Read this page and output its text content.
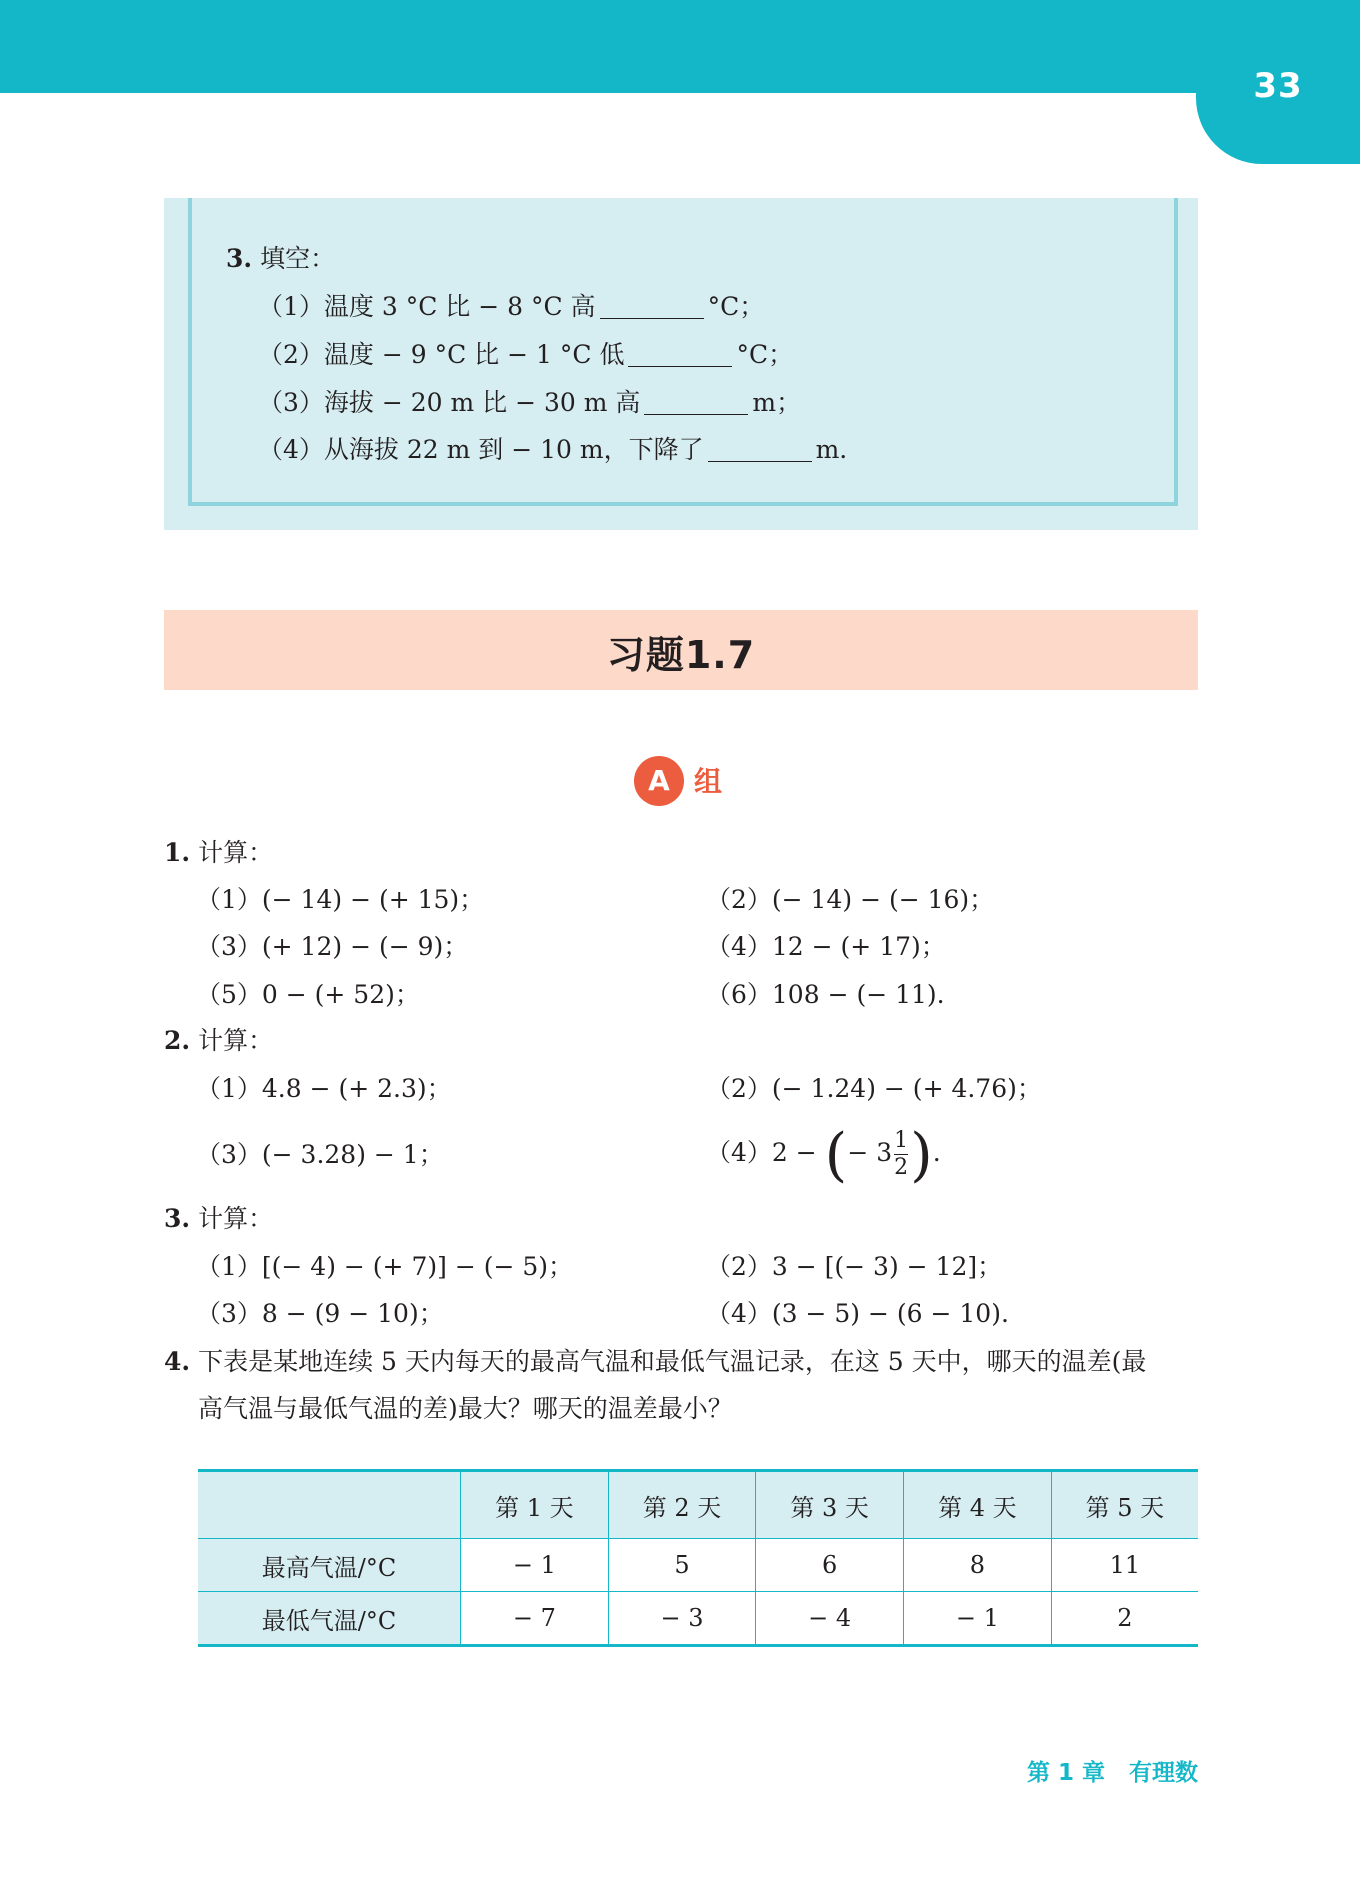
33
3. 填空：
（1）温度 3 °C 比 − 8 °C 高	°C；
（2）温度 − 9 °C 比 − 1 °C 低	°C；
（3）海拔 − 20 m 比 − 30 m 高	m；
（4）从海拔 22 m 到 − 10 m，下降了	m.
习题1.7
A 组
1. 计算：
（1）(− 14) − (+ 15)；	（2）(− 14) − (− 16)；
（3）(+ 12) − (− 9)；	（4）12 − (+ 17)；
（5）0 − (+ 52)；	（6）108 − (− 11).
2. 计算：
（1）4.8 − (+ 2.3)；	（2）(− 1.24) − (+ 4.76)；
（3）(− 3.28) − 1；	（4）2 − (− $3 \frac{1}{2}$ ).
3. 计算：
（1）[(− 4) − (+ 7)] − (− 5)；	（2）3 − [(− 3) − 12]；
（3）8 − (9 − 10)；	（4）(3 − 5) − (6 − 10).
4. 下表是某地连续 5 天内每天的最高气温和最低气温记录，在这 5 天中，哪天的温差(最
高气温与最低气温的差)最大？哪天的温差最小？
	第 1 天	第 2 天	第 3 天	第 4 天	第 5 天
最高气温/°C	− 1	5	6	8	11
最低气温/°C	− 7	− 3	− 4	− 1	2
第 1 章 有理数
